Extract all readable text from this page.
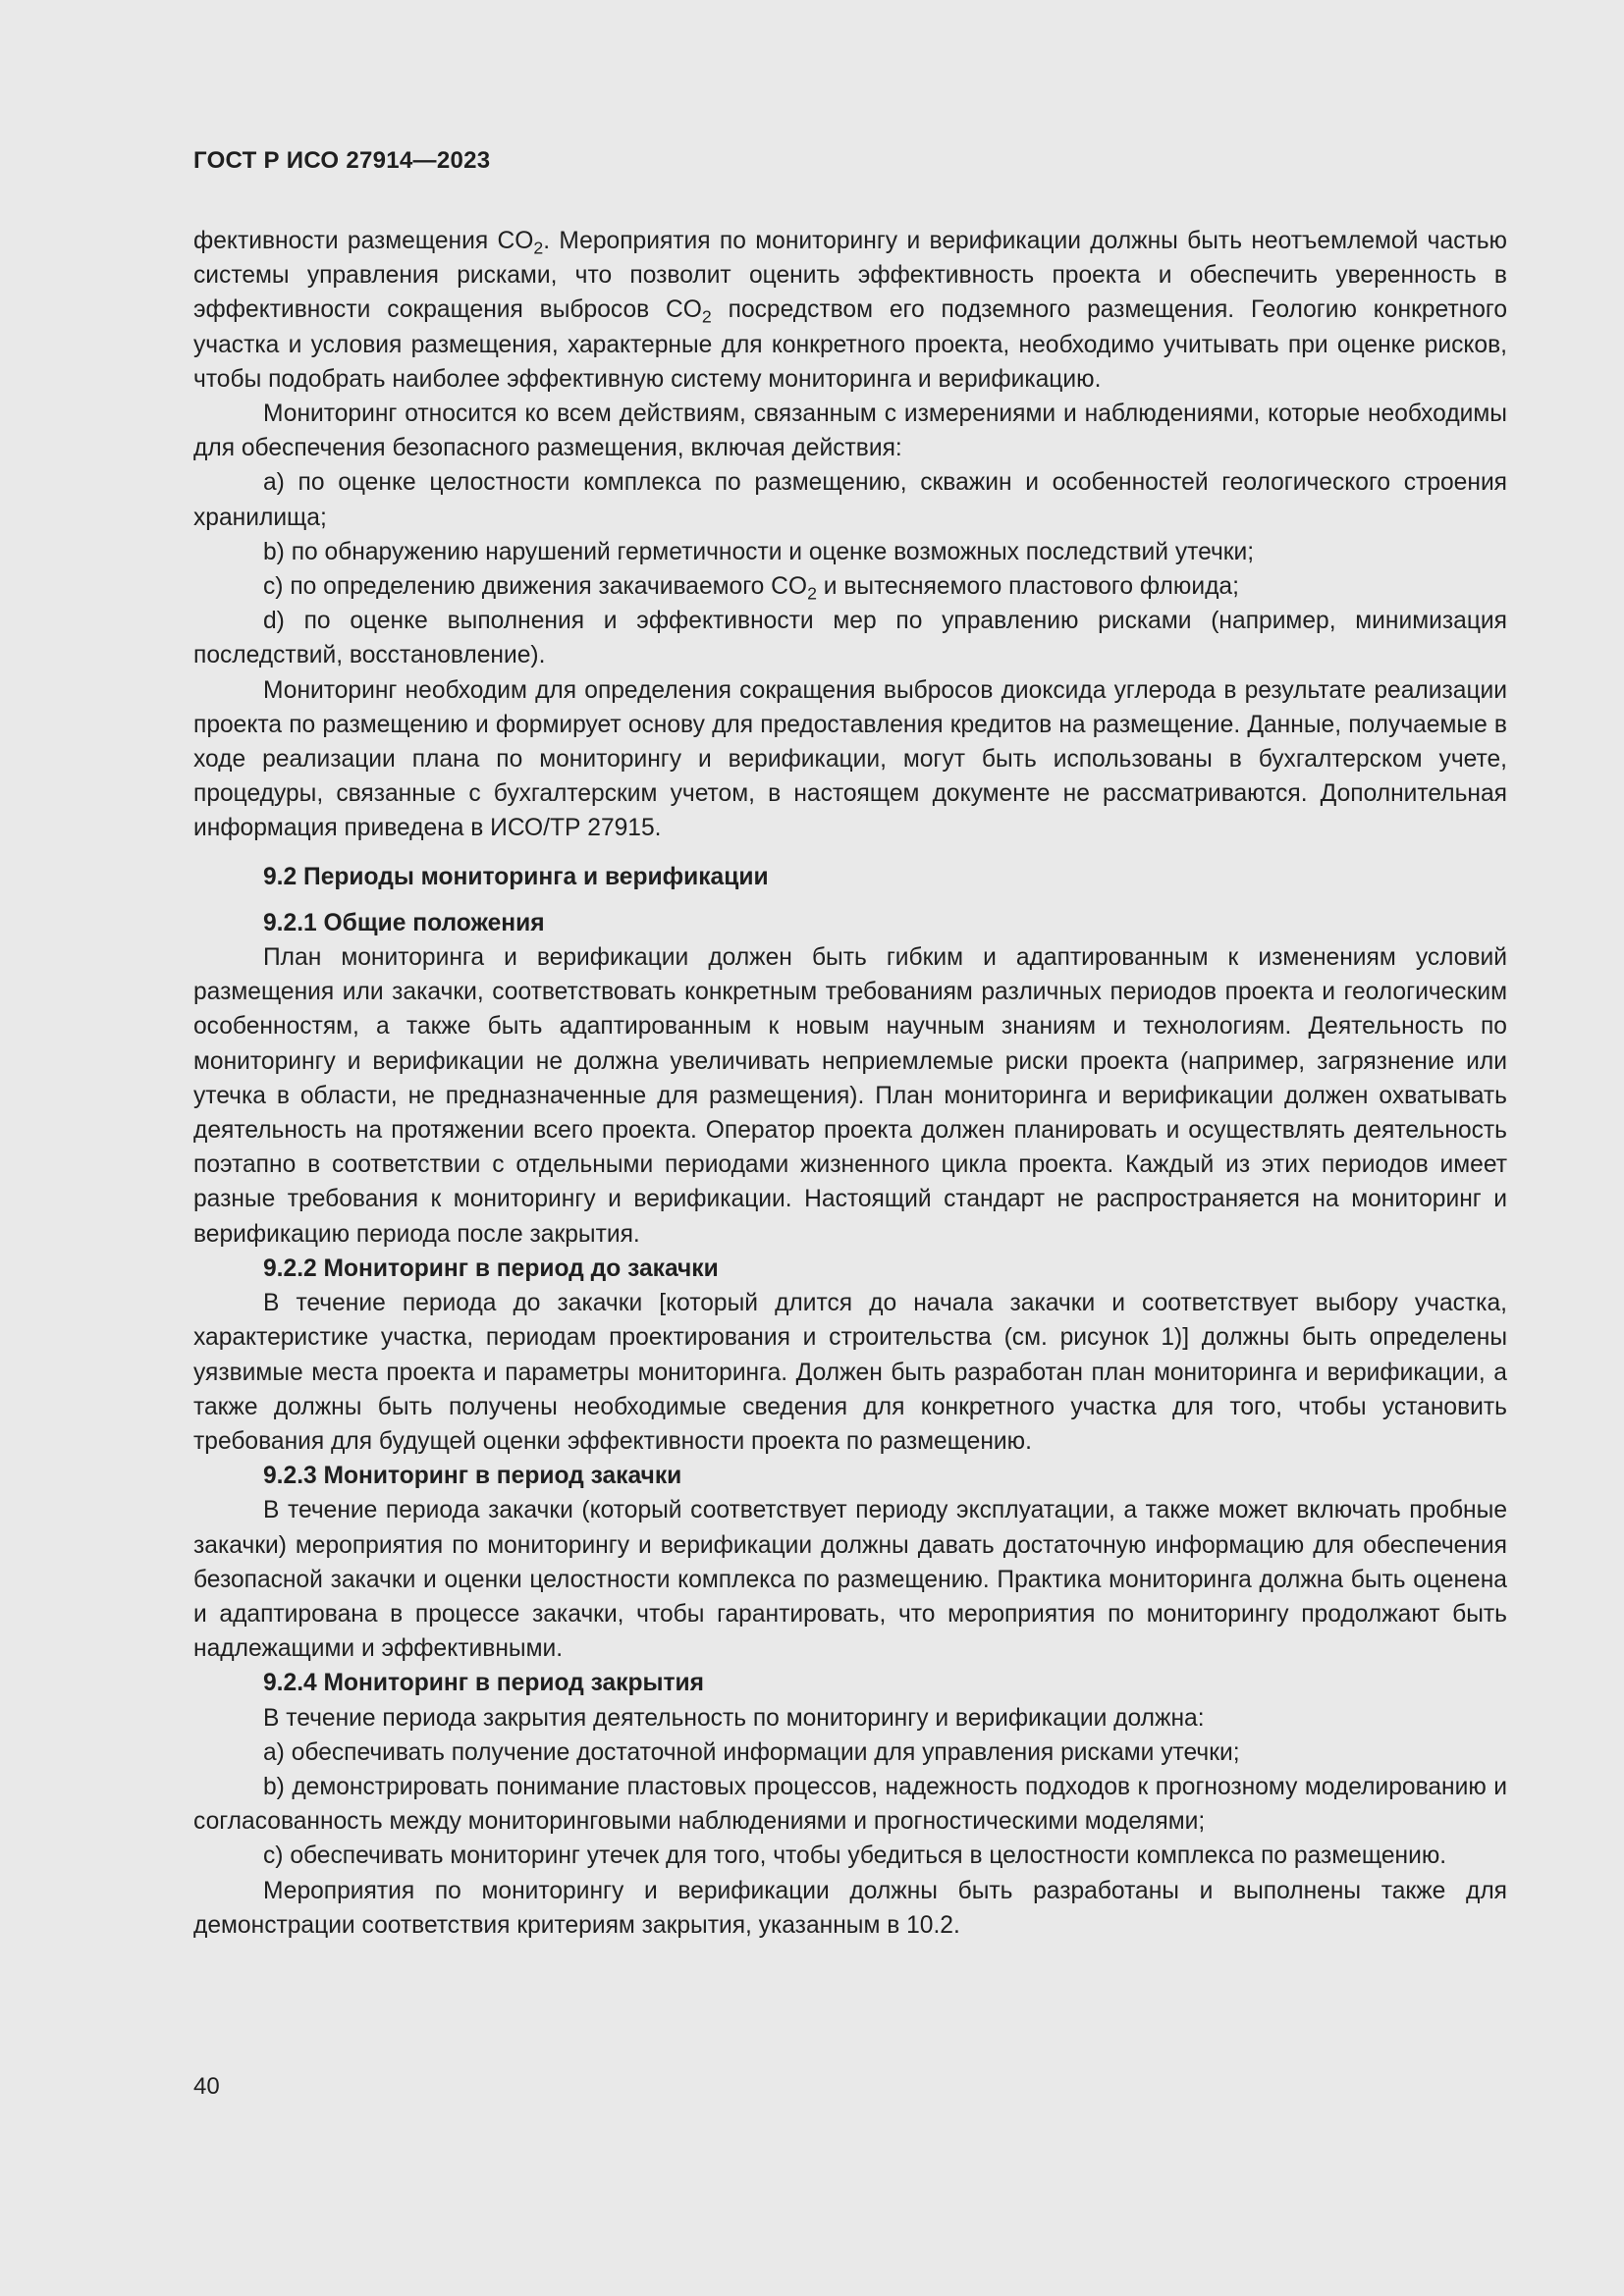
ГОСТ Р ИСО 27914—2023

фективности размещения $CO_2$. Мероприятия по мониторингу и верификации должны быть неотъемлемой частью системы управления рисками, что позволит оценить эффективность проекта и обеспечить уверенность в эффективности сокращения выбросов $CO_2$ посредством его подземного размещения. Геологию конкретного участка и условия размещения, характерные для конкретного проекта, необходимо учитывать при оценке рисков, чтобы подобрать наиболее эффективную систему мониторинга и верификацию.

Мониторинг относится ко всем действиям, связанным с измерениями и наблюдениями, которые необходимы для обеспечения безопасного размещения, включая действия:

a) по оценке целостности комплекса по размещению, скважин и особенностей геологического строения хранилища;

b) по обнаружению нарушений герметичности и оценке возможных последствий утечки;

c) по определению движения закачиваемого $CO_2$ и вытесняемого пластового флюида;

d) по оценке выполнения и эффективности мер по управлению рисками (например, минимизация последствий, восстановление).

Мониторинг необходим для определения сокращения выбросов диоксида углерода в результате реализации проекта по размещению и формирует основу для предоставления кредитов на размещение. Данные, получаемые в ходе реализации плана по мониторингу и верификации, могут быть использованы в бухгалтерском учете, процедуры, связанные с бухгалтерским учетом, в настоящем документе не рассматриваются. Дополнительная информация приведена в ИСО/ТР 27915.

9.2 Периоды мониторинга и верификации

9.2.1 Общие положения

План мониторинга и верификации должен быть гибким и адаптированным к изменениям условий размещения или закачки, соответствовать конкретным требованиям различных периодов проекта и геологическим особенностям, а также быть адаптированным к новым научным знаниям и технологиям. Деятельность по мониторингу и верификации не должна увеличивать неприемлемые риски проекта (например, загрязнение или утечка в области, не предназначенные для размещения). План мониторинга и верификации должен охватывать деятельность на протяжении всего проекта. Оператор проекта должен планировать и осуществлять деятельность поэтапно в соответствии с отдельными периодами жизненного цикла проекта. Каждый из этих периодов имеет разные требования к мониторингу и верификации. Настоящий стандарт не распространяется на мониторинг и верификацию периода после закрытия.

9.2.2 Мониторинг в период до закачки

В течение периода до закачки [который длится до начала закачки и соответствует выбору участка, характеристике участка, периодам проектирования и строительства (см. рисунок 1)] должны быть определены уязвимые места проекта и параметры мониторинга. Должен быть разработан план мониторинга и верификации, а также должны быть получены необходимые сведения для конкретного участка для того, чтобы установить требования для будущей оценки эффективности проекта по размещению.

9.2.3 Мониторинг в период закачки

В течение периода закачки (который соответствует периоду эксплуатации, а также может включать пробные закачки) мероприятия по мониторингу и верификации должны давать достаточную информацию для обеспечения безопасной закачки и оценки целостности комплекса по размещению. Практика мониторинга должна быть оценена и адаптирована в процессе закачки, чтобы гарантировать, что мероприятия по мониторингу продолжают быть надлежащими и эффективными.

9.2.4 Мониторинг в период закрытия

В течение периода закрытия деятельность по мониторингу и верификации должна:

a) обеспечивать получение достаточной информации для управления рисками утечки;

b) демонстрировать понимание пластовых процессов, надежность подходов к прогнозному моделированию и согласованность между мониторинговыми наблюдениями и прогностическими моделями;

c) обеспечивать мониторинг утечек для того, чтобы убедиться в целостности комплекса по размещению.

Мероприятия по мониторингу и верификации должны быть разработаны и выполнены также для демонстрации соответствия критериям закрытия, указанным в 10.2.

40
